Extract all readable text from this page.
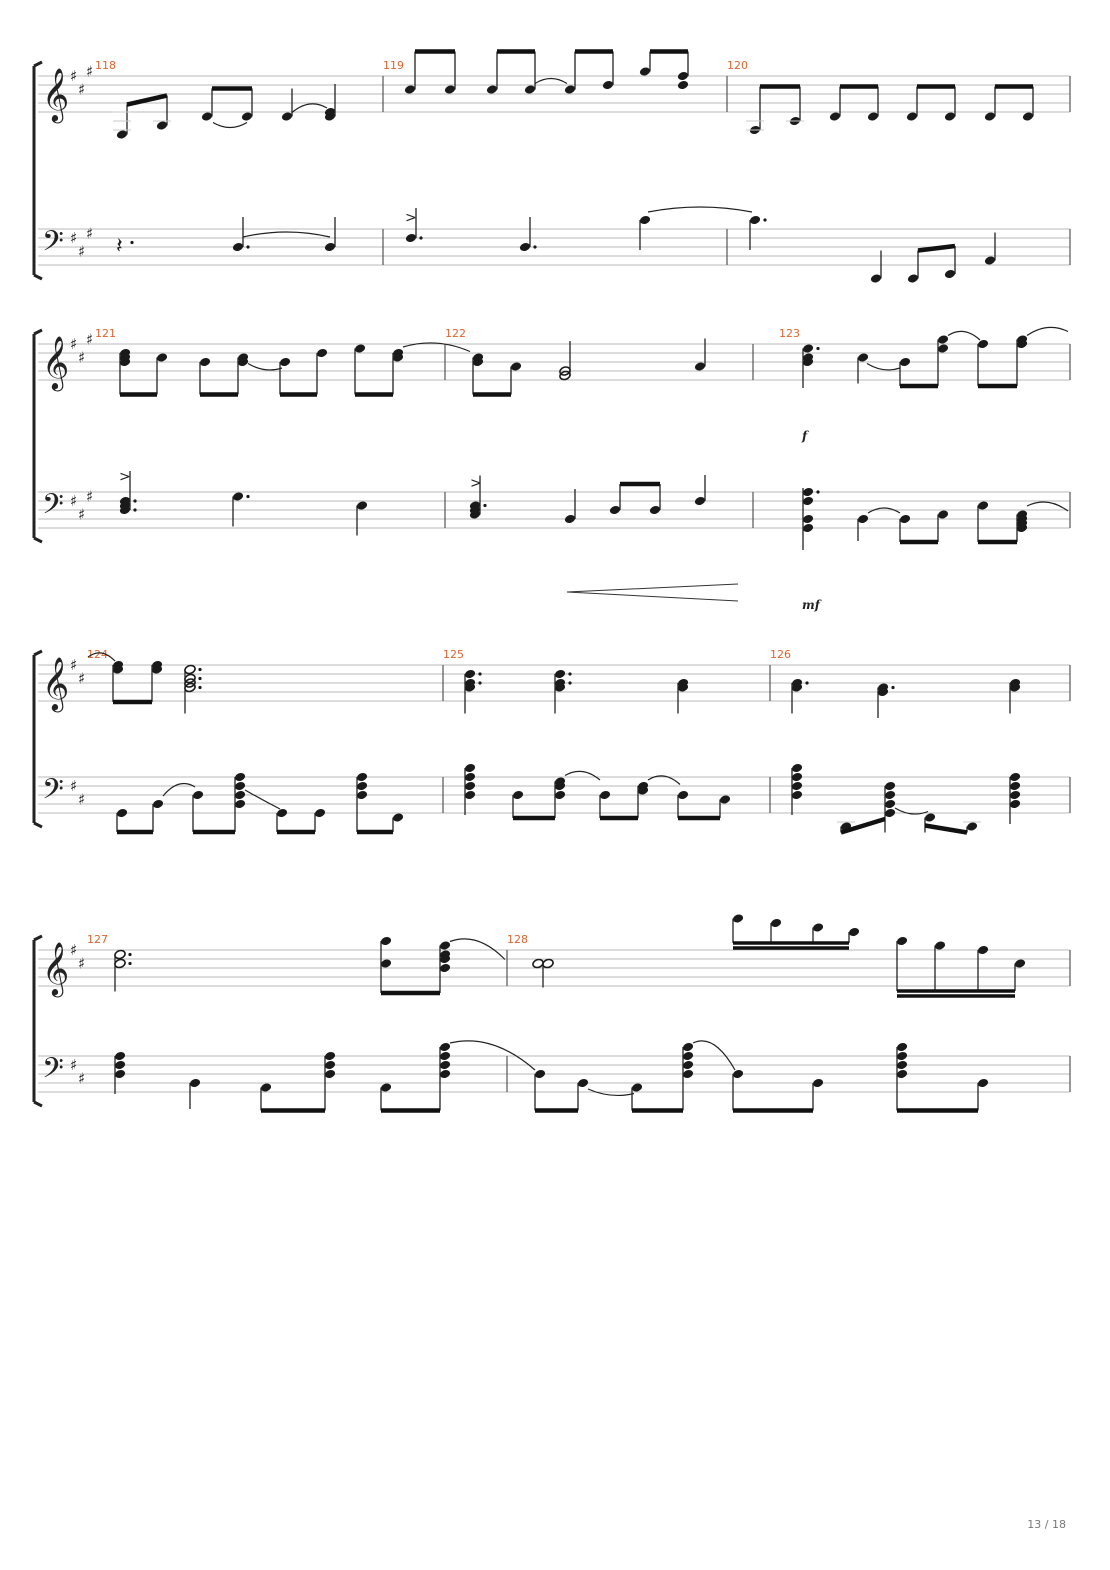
𝄞
𝄢
♯
♯
♯
♯
♯
♯
118	119	120
𝄞
𝄢
♯
♯
♯
♯
♯
♯
121	122	123
𝄞
𝄢
♯
♯
♯
♯
124	125	126
𝄞
𝄢
♯
♯
♯
♯
127	128
𝄽
>
f
mf
>	>
13 / 18
